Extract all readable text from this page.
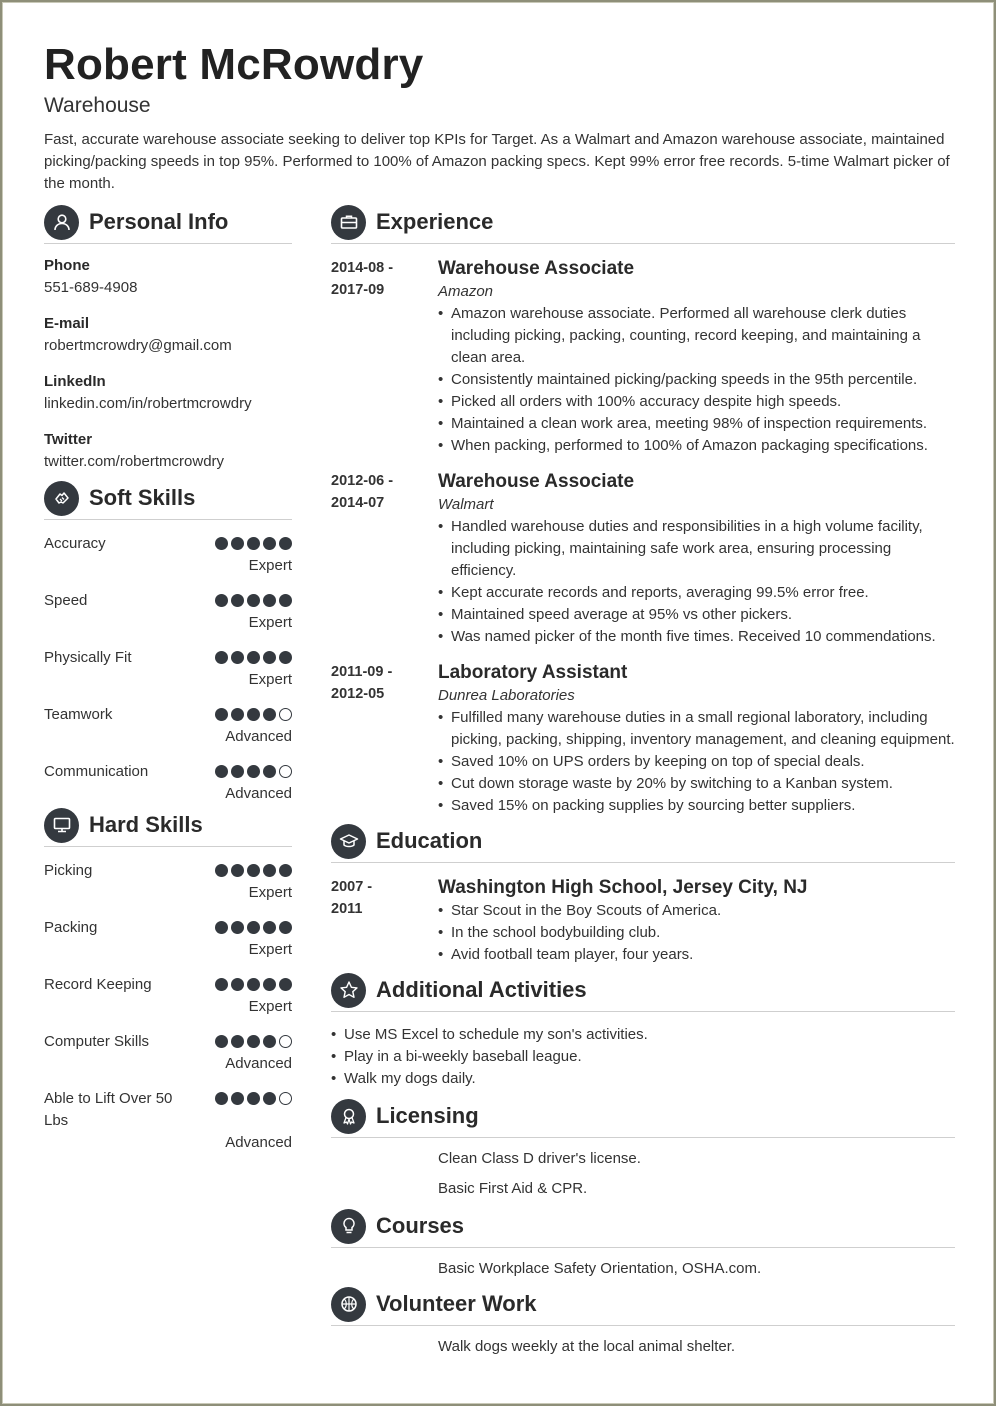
Robert McRowdry
Warehouse
Fast, accurate warehouse associate seeking to deliver top KPIs for Target. As a Walmart and Amazon warehouse associate, maintained picking/packing speeds in top 95%. Performed to 100% of Amazon packing specs. Kept 99% error free records. 5-time Walmart picker of the month.
Personal Info
Phone
551-689-4908
E-mail
robertmcrowdry@gmail.com
LinkedIn
linkedin.com/in/robertmcrowdry
Twitter
twitter.com/robertmcrowdry
Soft Skills
Accuracy
Expert
Speed
Expert
Physically Fit
Expert
Teamwork
Advanced
Communication
Advanced
Hard Skills
Picking
Expert
Packing
Expert
Record Keeping
Expert
Computer Skills
Advanced
Able to Lift Over 50 Lbs
Advanced
Experience
2014-08 -
2017-09
Warehouse Associate
Amazon
• Amazon warehouse associate. Performed all warehouse clerk duties including picking, packing, counting, record keeping, and maintaining a clean area.
• Consistently maintained picking/packing speeds in the 95th percentile.
• Picked all orders with 100% accuracy despite high speeds.
• Maintained a clean work area, meeting 98% of inspection requirements.
• When packing, performed to 100% of Amazon packaging specifications.
2012-06 -
2014-07
Warehouse Associate
Walmart
• Handled warehouse duties and responsibilities in a high volume facility, including picking, maintaining safe work area, ensuring processing efficiency.
• Kept accurate records and reports, averaging 99.5% error free.
• Maintained speed average at 95% vs other pickers.
• Was named picker of the month five times. Received 10 commendations.
2011-09 -
2012-05
Laboratory Assistant
Dunrea Laboratories
• Fulfilled many warehouse duties in a small regional laboratory, including picking, packing, shipping, inventory management, and cleaning equipment.
• Saved 10% on UPS orders by keeping on top of special deals.
• Cut down storage waste by 20% by switching to a Kanban system.
• Saved 15% on packing supplies by sourcing better suppliers.
Education
2007 -
2011
Washington High School, Jersey City, NJ
• Star Scout in the Boy Scouts of America.
• In the school bodybuilding club.
• Avid football team player, four years.
Additional Activities
• Use MS Excel to schedule my son's activities.
• Play in a bi-weekly baseball league.
• Walk my dogs daily.
Licensing
Clean Class D driver's license.
Basic First Aid & CPR.
Courses
Basic Workplace Safety Orientation, OSHA.com.
Volunteer Work
Walk dogs weekly at the local animal shelter.
